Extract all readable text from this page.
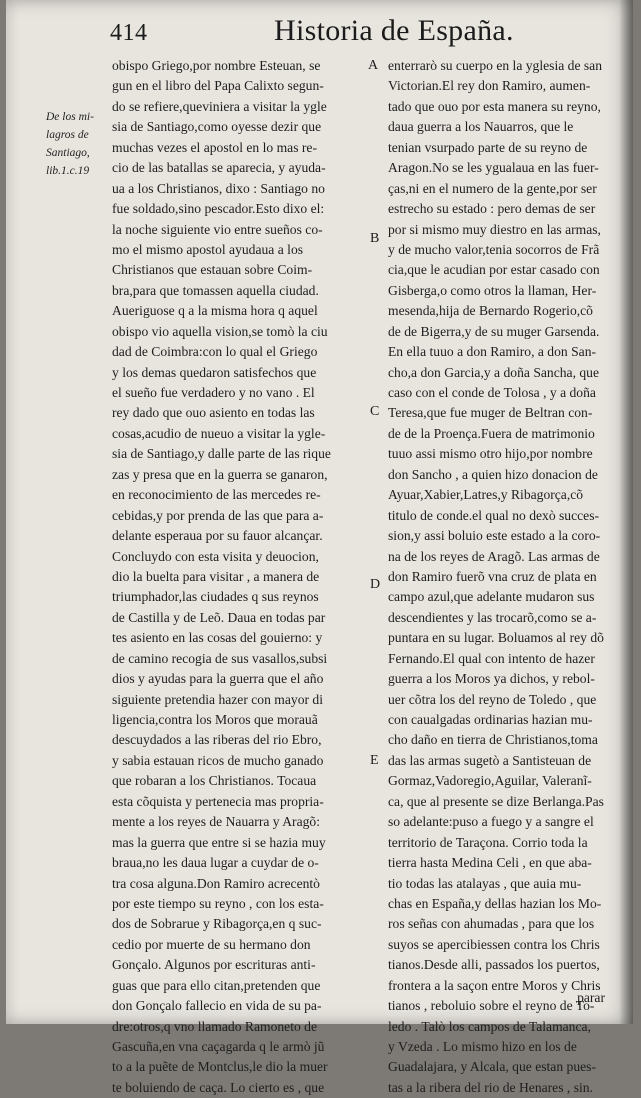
414	Historia de España.
De los mi-
lagros de
Santiago,
lib.1.c.19
obispo Griego,por nombre Esteuan, se
gun en el libro del Papa Calixto segun-
do se refiere,queviniera a visitar la ygle
sia de Santiago,como oyesse dezir que
muchas vezes el apostol en lo mas re-
cio de las batallas se aparecia, y ayuda-
ua a los Christianos, dixo : Santiago no
fue soldado,sino pescador.Esto dixo el:
la noche siguiente vio entre sueños co-
mo el mismo apostol ayudaua a los
Christianos que estauan sobre Coim-
bra,para que tomassen aquella ciudad.
Aueriguose q a la misma hora q aquel
obispo vio aquella vision,se tomò la ciu
dad de Coimbra:con lo qual el Griego
y los demas quedaron satisfechos que
el sueño fue verdadero y no vano . El
rey dado que ouo asiento en todas las
cosas,acudio de nueuo a visitar la ygle-
sia de Santiago,y dalle parte de las rique
zas y presa que en la guerra se ganaron,
en reconocimiento de las mercedes re-
cebidas,y por prenda de las que para a-
delante esperaua por su fauor alcançar.
Concluydo con esta visita y deuocion,
dio la buelta para visitar , a manera de
triumphador,las ciudades q sus reynos
de Castilla y de Leõ. Daua en todas par
tes asiento en las cosas del gouierno: y
de camino recogia de sus vasallos,subsi
dios y ayudas para la guerra que el año
siguiente pretendia hazer con mayor di
ligencia,contra los Moros que morauã
descuydados a las riberas del rio Ebro,
y sabia estauan ricos de mucho ganado
que robaran a los Christianos. Tocaua
esta cõquista y pertenecia mas propria-
mente a los reyes de Nauarra y Aragõ:
mas la guerra que entre si se hazia muy
braua,no les daua lugar a cuydar de o-
tra cosa alguna.Don Ramiro acrecentò
por este tiempo su reyno , con los esta-
dos de Sobrarue y Ribagorça,en q suc-
cedio por muerte de su hermano don
Gonçalo. Algunos por escrituras anti-
guas que para ello citan,pretenden que
don Gonçalo fallecio en vida de su pa-
dre:otros,q vno llamado Ramoneto de
Gascuña,en vna caçagarda q le armò jũ
to a la puẽte de Montclus,le dio la muer
te boluiendo de caça. Lo cierto es , que
enterrarò su cuerpo en la yglesia de san
Victorian.El rey don Ramiro, aumen-
tado que ouo por esta manera su reyno,
daua guerra a los Nauarros, que le
tenian vsurpado parte de su reyno de
Aragon.No se les ygualaua en las fuer-
ças,ni en el numero de la gente,por ser
estrecho su estado : pero demas de ser
por si mismo muy diestro en las armas,
y de mucho valor,tenia socorros de Frã
cia,que le acudian por estar casado con
Gisberga,o como otros la llaman, Her-
mesenda,hija de Bernardo Rogerio,cõ
de de Bigerra,y de su muger Garsenda.
En ella tuuo a don Ramiro, a don San-
cho,a don Garcia,y a doña Sancha, que
caso con el conde de Tolosa , y a doña
Teresa,que fue muger de Beltran con-
de de la Proença.Fuera de matrimonio
tuuo assi mismo otro hijo,por nombre
don Sancho , a quien hizo donacion de
Ayuar,Xabier,Latres,y Ribagorça,cõ
titulo de conde.el qual no dexò succes-
sion,y assi boluio este estado a la coro-
na de los reyes de Aragõ. Las armas de
don Ramiro fuerõ vna cruz de plata en
campo azul,que adelante mudaron sus
descendientes y las trocarõ,como se a-
puntara en su lugar. Boluamos al rey dõ
Fernando.El qual con intento de hazer
guerra a los Moros ya dichos, y rebol-
uer cõtra los del reyno de Toledo , que
con caualgadas ordinarias hazian mu-
cho daño en tierra de Christianos,toma
das las armas sugetò a Santisteuan de
Gormaz,Vadoregio,Aguilar, Valeranĩ-
ca, que al presente se dize Berlanga.Pas
so adelante:puso a fuego y a sangre el
territorio de Taraçona. Corrio toda la
tierra hasta Medina Celi , en que aba-
tio todas las atalayas , que auia mu-
chas en España,y dellas hazian los Mo-
ros señas con ahumadas , para que los
suyos se apercibiessen contra los Chris
tianos.Desde alli, passados los puertos,
frontera a la saçon entre Moros y Chris
tianos , reboluio sobre el reyno de To-
ledo . Talò los campos de Talamanca,
y Vzeda . Lo mismo hizo en los de
Guadalajara, y Alcala, que estan pues-
tas a la ribera del rio de Henares , sin.
A
B
C
D
E
parar
